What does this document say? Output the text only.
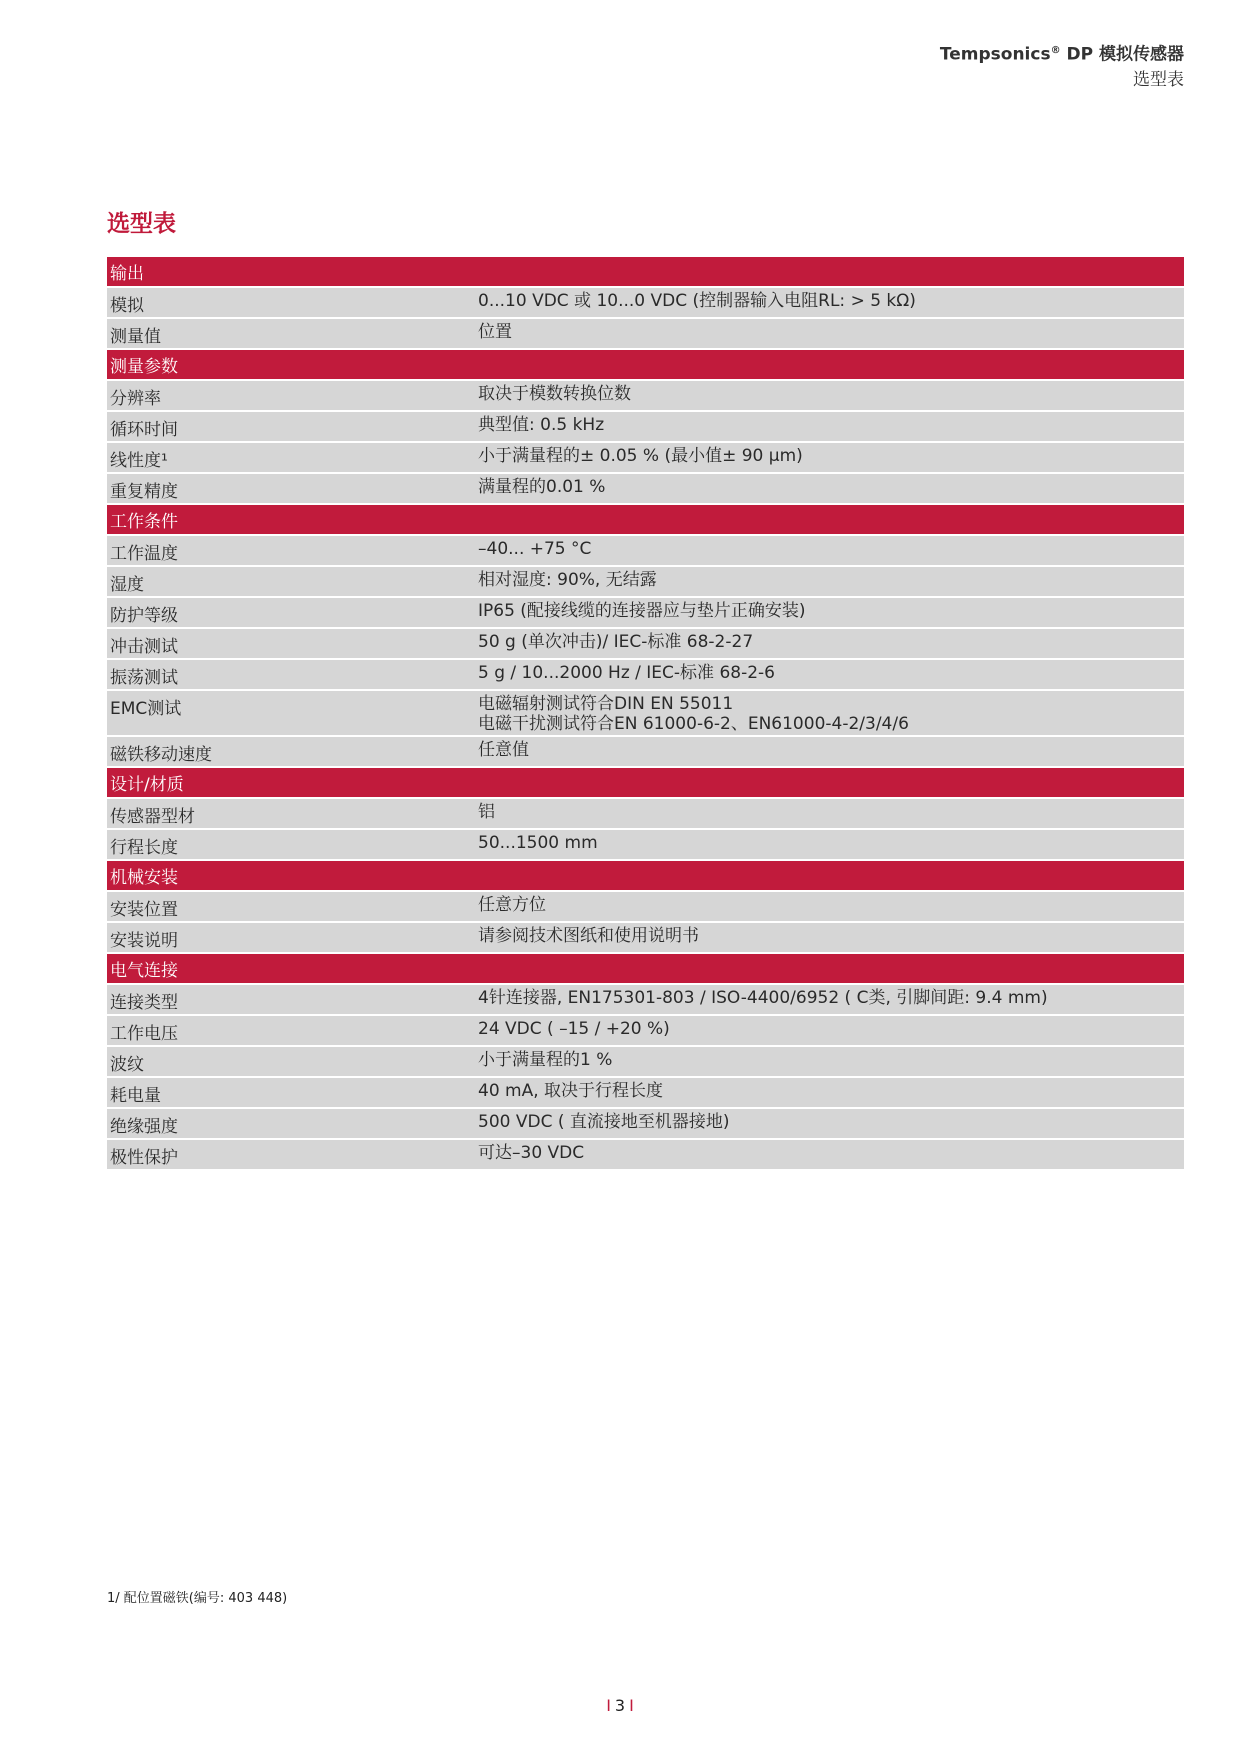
Tempsonics® DP 模拟传感器
选型表
选型表
输出
模拟	0...10 VDC 或 10...0 VDC (控制器输入电阻RL: > 5 kΩ)
测量值	位置
测量参数
分辨率	取决于模数转换位数
循环时间	典型值: 0.5 kHz
线性度¹	小于满量程的± 0.05 % (最小值± 90 μm)
重复精度	满量程的0.01 %
工作条件
工作温度	–40... +75 °C
湿度	相对湿度: 90%, 无结露
防护等级	IP65 (配接线缆的连接器应与垫片正确安装)
冲击测试	50 g (单次冲击)/ IEC-标准 68-2-27
振荡测试	5 g / 10...2000 Hz / IEC-标准 68-2-6
EMC测试	电磁辐射测试符合DIN EN 55011
电磁干扰测试符合EN 61000-6-2、EN61000-4-2/3/4/6
磁铁移动速度	任意值
设计/材质
传感器型材	铝
行程长度	50...1500 mm
机械安装
安装位置	任意方位
安装说明	请参阅技术图纸和使用说明书
电气连接
连接类型	4针连接器, EN175301-803 / ISO-4400/6952 ( C类, 引脚间距: 9.4 mm)
工作电压	24 VDC ( –15 / +20 %)
波纹	小于满量程的1 %
耗电量	40 mA, 取决于行程长度
绝缘强度	500 VDC ( 直流接地至机器接地)
极性保护	可达–30 VDC
1/ 配位置磁铁(编号: 403 448)
I 3 I
